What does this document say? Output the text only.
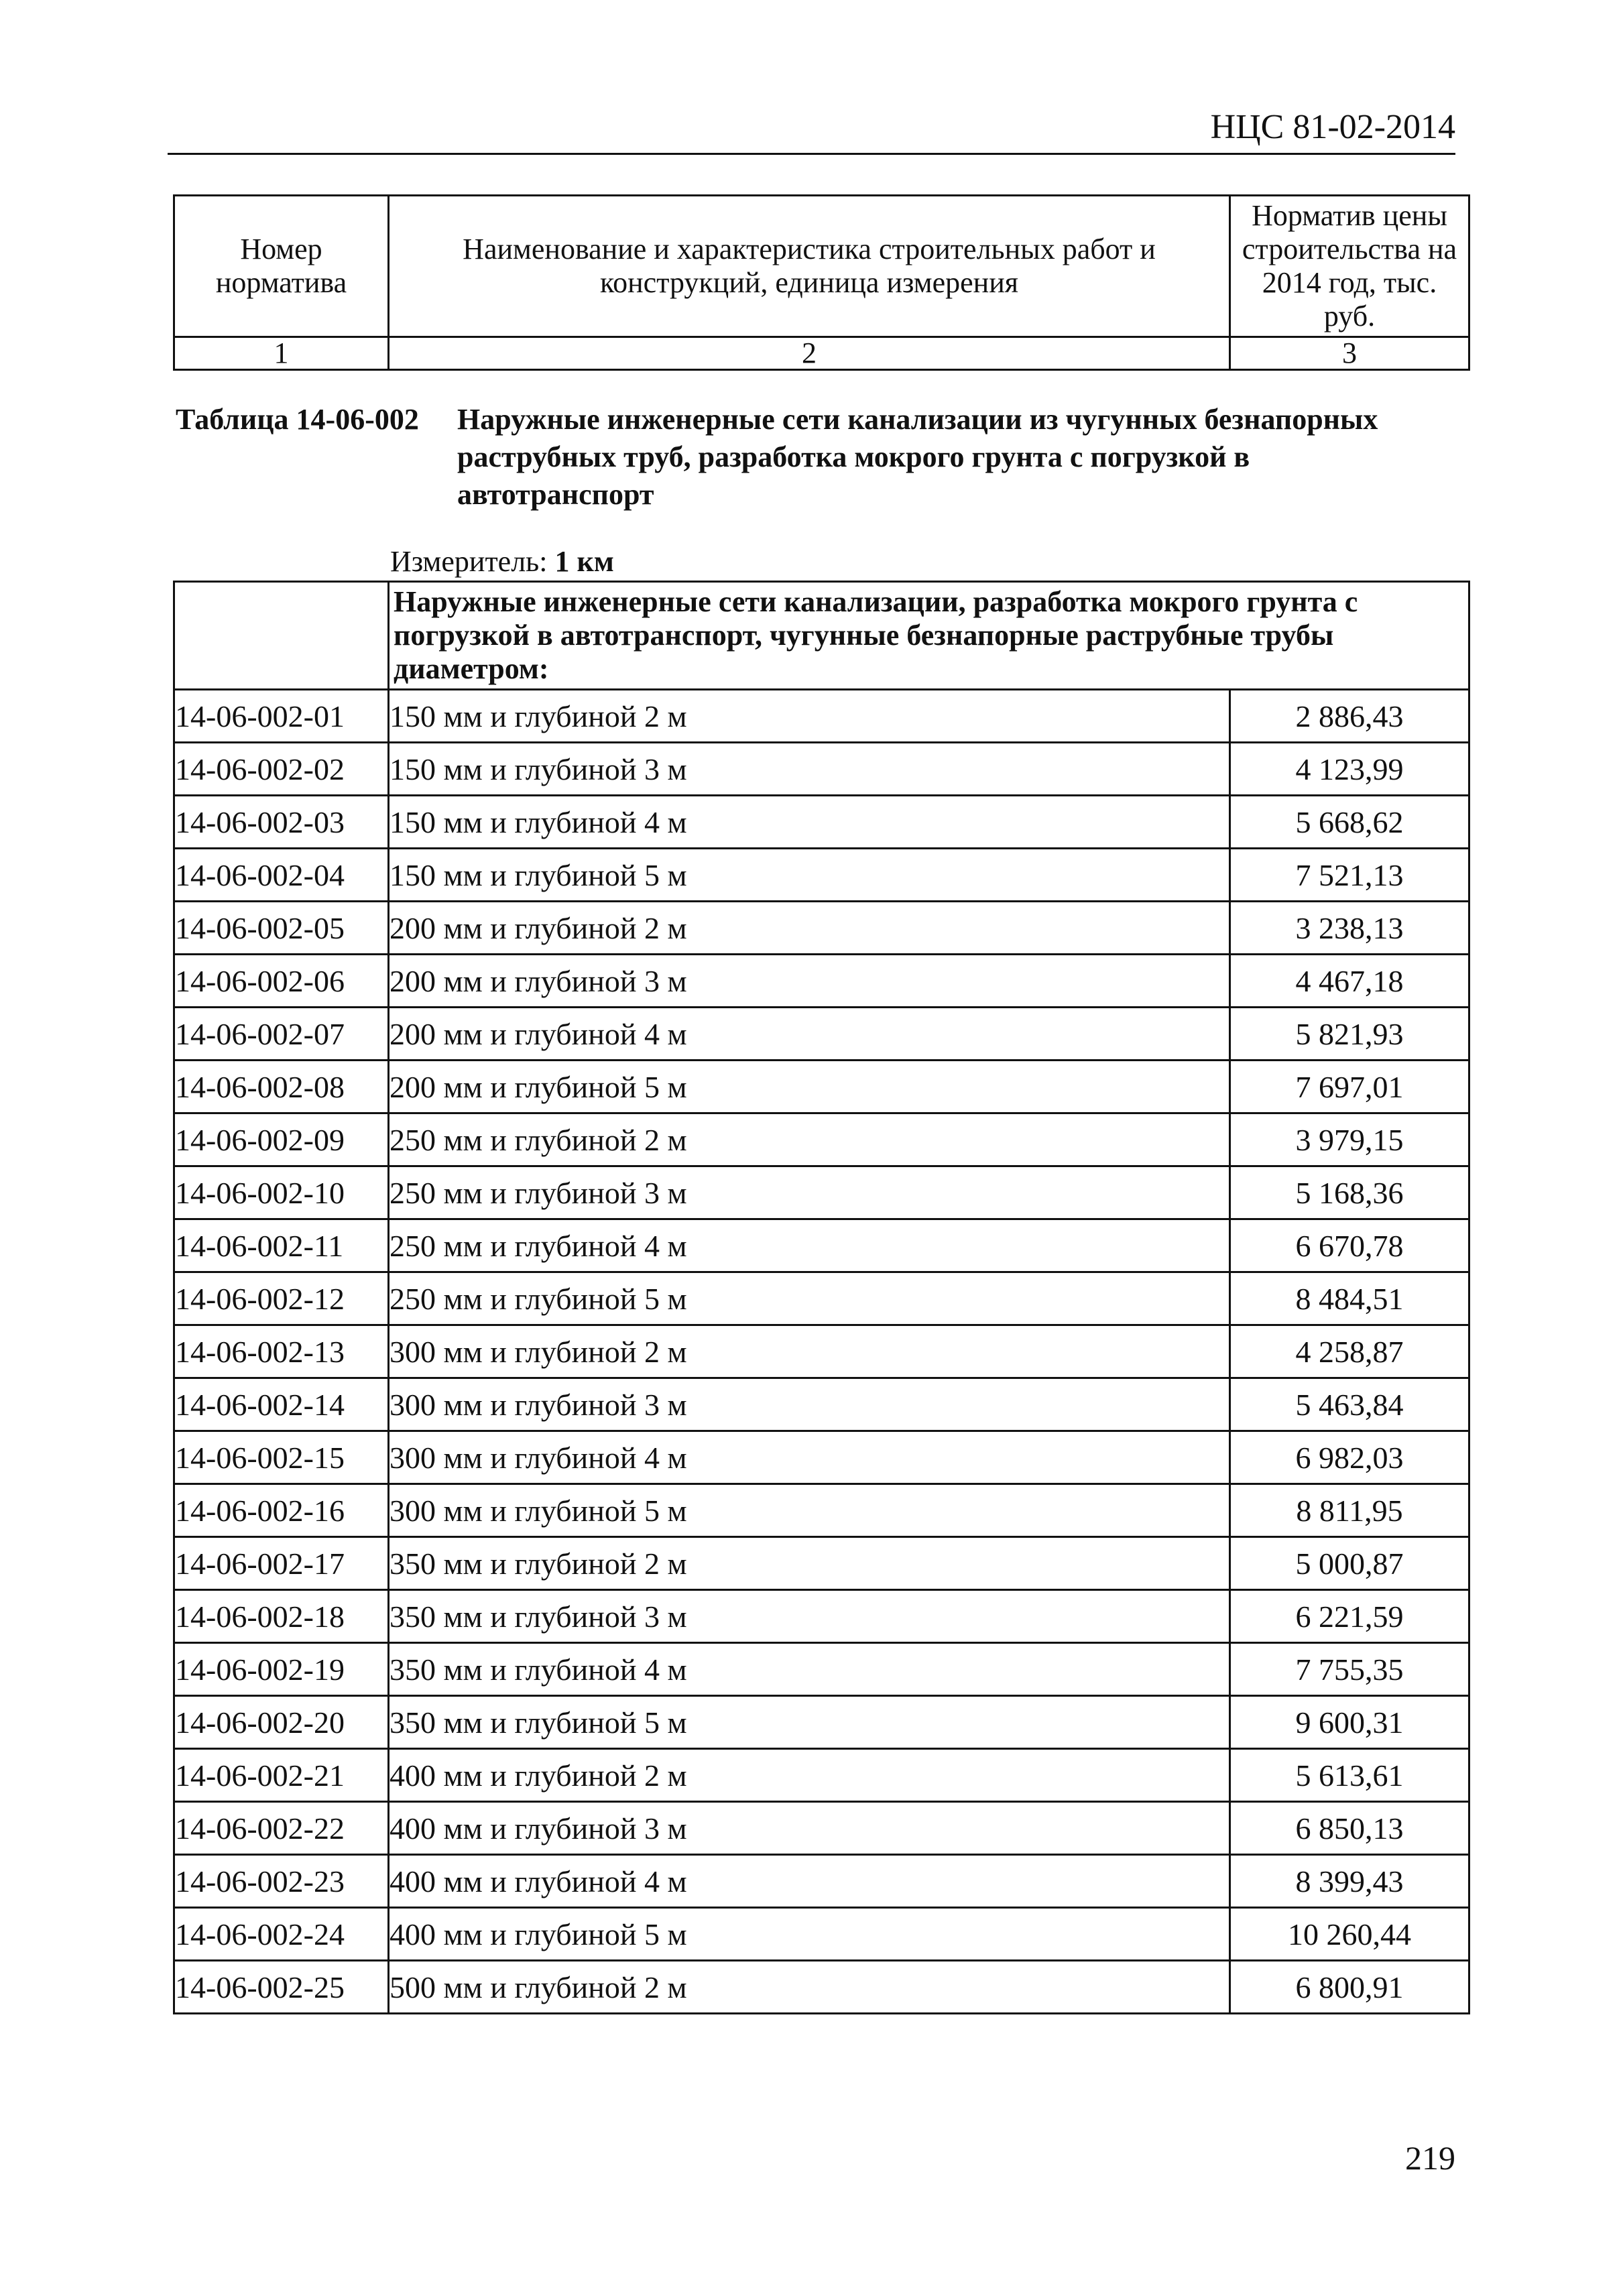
НЦС 81-02-2014
Номер норматива	Наименование и характеристика строительных работ и конструкций, единица измерения	Норматив цены строительства на 2014 год, тыс. руб.
1	2	3
Таблица 14-06-002 Наружные инженерные сети канализации из чугунных безнапорных раструбных труб, разработка мокрого грунта с погрузкой в автотранспорт
Измеритель: 1 км
	Наружные инженерные сети канализации, разработка мокрого грунта с погрузкой в автотранспорт, чугунные безнапорные раструбные трубы диаметром:	
14-06-002-01	150 мм и глубиной 2 м	2 886,43
14-06-002-02	150 мм и глубиной 3 м	4 123,99
14-06-002-03	150 мм и глубиной 4 м	5 668,62
14-06-002-04	150 мм и глубиной 5 м	7 521,13
14-06-002-05	200 мм и глубиной 2 м	3 238,13
14-06-002-06	200 мм и глубиной 3 м	4 467,18
14-06-002-07	200 мм и глубиной 4 м	5 821,93
14-06-002-08	200 мм и глубиной 5 м	7 697,01
14-06-002-09	250 мм и глубиной 2 м	3 979,15
14-06-002-10	250 мм и глубиной 3 м	5 168,36
14-06-002-11	250 мм и глубиной 4 м	6 670,78
14-06-002-12	250 мм и глубиной 5 м	8 484,51
14-06-002-13	300 мм и глубиной 2 м	4 258,87
14-06-002-14	300 мм и глубиной 3 м	5 463,84
14-06-002-15	300 мм и глубиной 4 м	6 982,03
14-06-002-16	300 мм и глубиной 5 м	8 811,95
14-06-002-17	350 мм и глубиной 2 м	5 000,87
14-06-002-18	350 мм и глубиной 3 м	6 221,59
14-06-002-19	350 мм и глубиной 4 м	7 755,35
14-06-002-20	350 мм и глубиной 5 м	9 600,31
14-06-002-21	400 мм и глубиной 2 м	5 613,61
14-06-002-22	400 мм и глубиной 3 м	6 850,13
14-06-002-23	400 мм и глубиной 4 м	8 399,43
14-06-002-24	400 мм и глубиной 5 м	10 260,44
14-06-002-25	500 мм и глубиной 2 м	6 800,91
219
